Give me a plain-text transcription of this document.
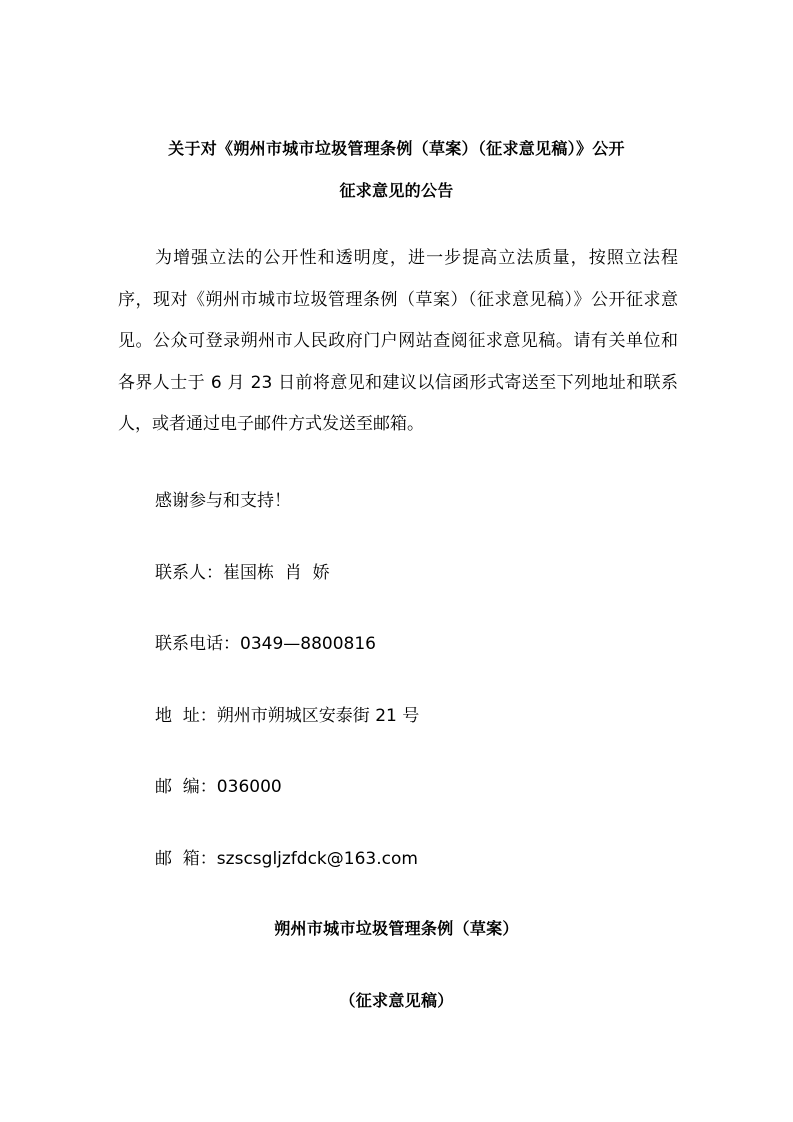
关于对《朔州市城市垃圾管理条例（草案）（征求意见稿）》公开
征求意见的公告
为增强立法的公开性和透明度，进一步提高立法质量，按照立法程序，现对《朔州市城市垃圾管理条例（草案）（征求意见稿）》公开征求意见。公众可登录朔州市人民政府门户网站查阅征求意见稿。请有关单位和各界人士于 6 月 23 日前将意见和建议以信函形式寄送至下列地址和联系人，或者通过电子邮件方式发送至邮箱。
感谢参与和支持！
联系人：崔国栋  肖  娇
联系电话：0349—8800816
地  址：朔州市朔城区安泰街 21 号
邮  编：036000
邮  箱：szscsgljzfdck@163.com
朔州市城市垃圾管理条例（草案）
（征求意见稿）
